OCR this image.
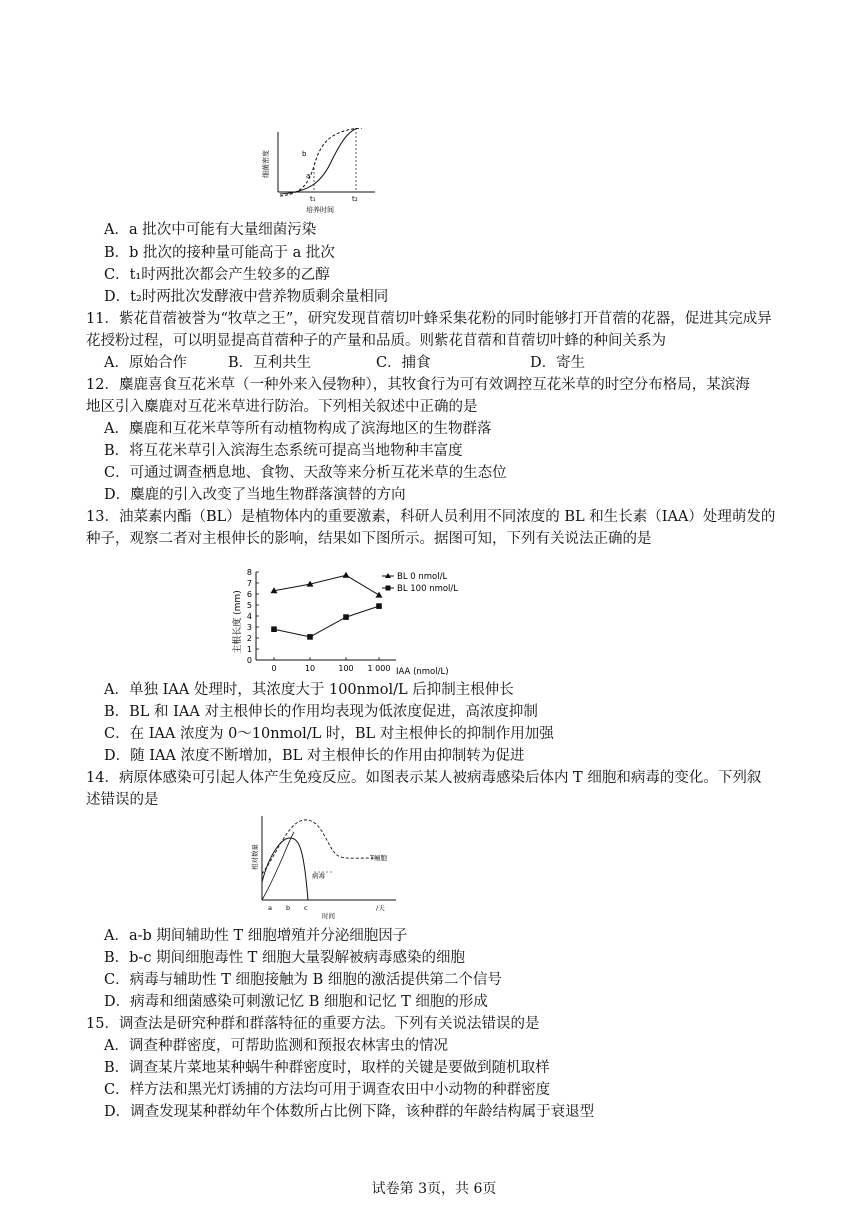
细菌密度	b
a
t₁	t₂
培养时间
A．a 批次中可能有大量细菌污染
B．b 批次的接种量可能高于 a 批次
C．t₁时两批次都会产生较多的乙醇
D．t₂时两批次发酵液中营养物质剩余量相同
11．紫花苜蓿被誉为“牧草之王”，研究发现苜蓿切叶蜂采集花粉的同时能够打开苜蓿的花器，促进其完成异
花授粉过程，可以明显提高苜蓿种子的产量和品质。则紫花苜蓿和苜蓿切叶蜂的种间关系为
A．原始合作	B．互利共生	C．捕食	D．寄生
12．麋鹿喜食互花米草（一种外来入侵物种），其牧食行为可有效调控互花米草的时空分布格局，某滨海
地区引入麋鹿对互花米草进行防治。下列相关叙述中正确的是
A．麋鹿和互花米草等所有动植物构成了滨海地区的生物群落
B．将互花米草引入滨海生态系统可提高当地物种丰富度
C．可通过调查栖息地、食物、天敌等来分析互花米草的生态位
D．麋鹿的引入改变了当地生物群落演替的方向
13．油菜素内酯（BL）是植物体内的重要激素，科研人员利用不同浓度的 BL 和生长素（IAA）处理萌发的
种子，观察二者对主根伸长的影响，结果如下图所示。据图可知，下列有关说法正确的是
0
1
2
3
4
5
6
7
8
0	10	100 1 000
BL 0 nmol/L
BL 100 nmol/L
主根长度 (mm)
IAA (nmol/L)
A．单独 IAA 处理时，其浓度大于 100nmol/L 后抑制主根伸长
B．BL 和 IAA 对主根伸长的作用均表现为低浓度促进，高浓度抑制
C．在 IAA 浓度为 0～10nmol/L 时，BL 对主根伸长的抑制作用加强
D．随 IAA 浓度不断增加，BL 对主根伸长的作用由抑制转为促进
14．病原体感染可引起人体产生免疫反应。如图表示某人被病毒感染后体内 T 细胞和病毒的变化。下列叙
述错误的是
相对数量	T细胞
病毒
a b c
时间
/天
A．a-b 期间辅助性 T 细胞增殖并分泌细胞因子
B．b-c 期间细胞毒性 T 细胞大量裂解被病毒感染的细胞
C．病毒与辅助性 T 细胞接触为 B 细胞的激活提供第二个信号
D．病毒和细菌感染可刺激记忆 B 细胞和记忆 T 细胞的形成
15．调查法是研究种群和群落特征的重要方法。下列有关说法错误的是
A．调查种群密度，可帮助监测和预报农林害虫的情况
B．调查某片菜地某种蜗牛种群密度时，取样的关键是要做到随机取样
C．样方法和黑光灯诱捕的方法均可用于调查农田中小动物的种群密度
D．调查发现某种群幼年个体数所占比例下降，该种群的年龄结构属于衰退型
试卷第 3页，共 6页
